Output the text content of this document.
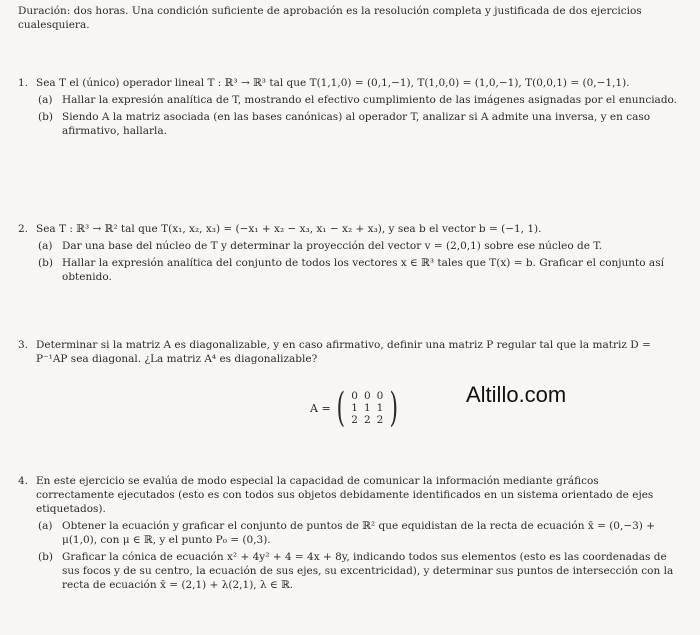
Duración: dos horas. Una condición suficiente de aprobación es la resolución completa y justificada de dos ejercicios cualesquiera.
1. Sea T el (único) operador lineal T : ℝ³ → ℝ³ tal que T(1,1,0) = (0,1,−1), T(1,0,0) = (1,0,−1), T(0,0,1) = (0,−1,1).
(a) Hallar la expresión analítica de T, mostrando el efectivo cumplimiento de las imágenes asignadas por el enunciado.
(b) Siendo A la matriz asociada (en las bases canónicas) al operador T, analizar si A admite una inversa, y en caso afirmativo, hallarla.
2. Sea T : ℝ³ → ℝ² tal que T(x₁, x₂, x₃) = (−x₁ + x₂ − x₃, x₁ − x₂ + x₃), y sea b el vector b = (−1, 1).
(a) Dar una base del núcleo de T y determinar la proyección del vector v = (2,0,1) sobre ese núcleo de T.
(b) Hallar la expresión analítica del conjunto de todos los vectores x ∈ ℝ³ tales que T(x) = b. Graficar el conjunto así obtenido.
3. Determinar si la matriz A es diagonalizable, y en caso afirmativo, definir una matriz P regular tal que la matriz D = P⁻¹AP sea diagonal. ¿La matriz A⁴ es diagonalizable?
A = ( 0	0	0
1	1	1
2	2	2 )	Altillo.com
4. En este ejercicio se evalúa de modo especial la capacidad de comunicar la información mediante gráficos correctamente ejecutados (esto es con todos sus objetos debidamente identificados en un sistema orientado de ejes etiquetados).
(a) Obtener la ecuación y graficar el conjunto de puntos de ℝ² que equidistan de la recta de ecuación x̄ = (0,−3) + μ(1,0), con μ ∈ ℝ, y el punto P₀ = (0,3).
(b) Graficar la cónica de ecuación x² + 4y² + 4 = 4x + 8y, indicando todos sus elementos (esto es las coordenadas de sus focos y de su centro, la ecuación de sus ejes, su excentricidad), y determinar sus puntos de intersección con la recta de ecuación x̄ = (2,1) + λ(2,1), λ ∈ ℝ.
